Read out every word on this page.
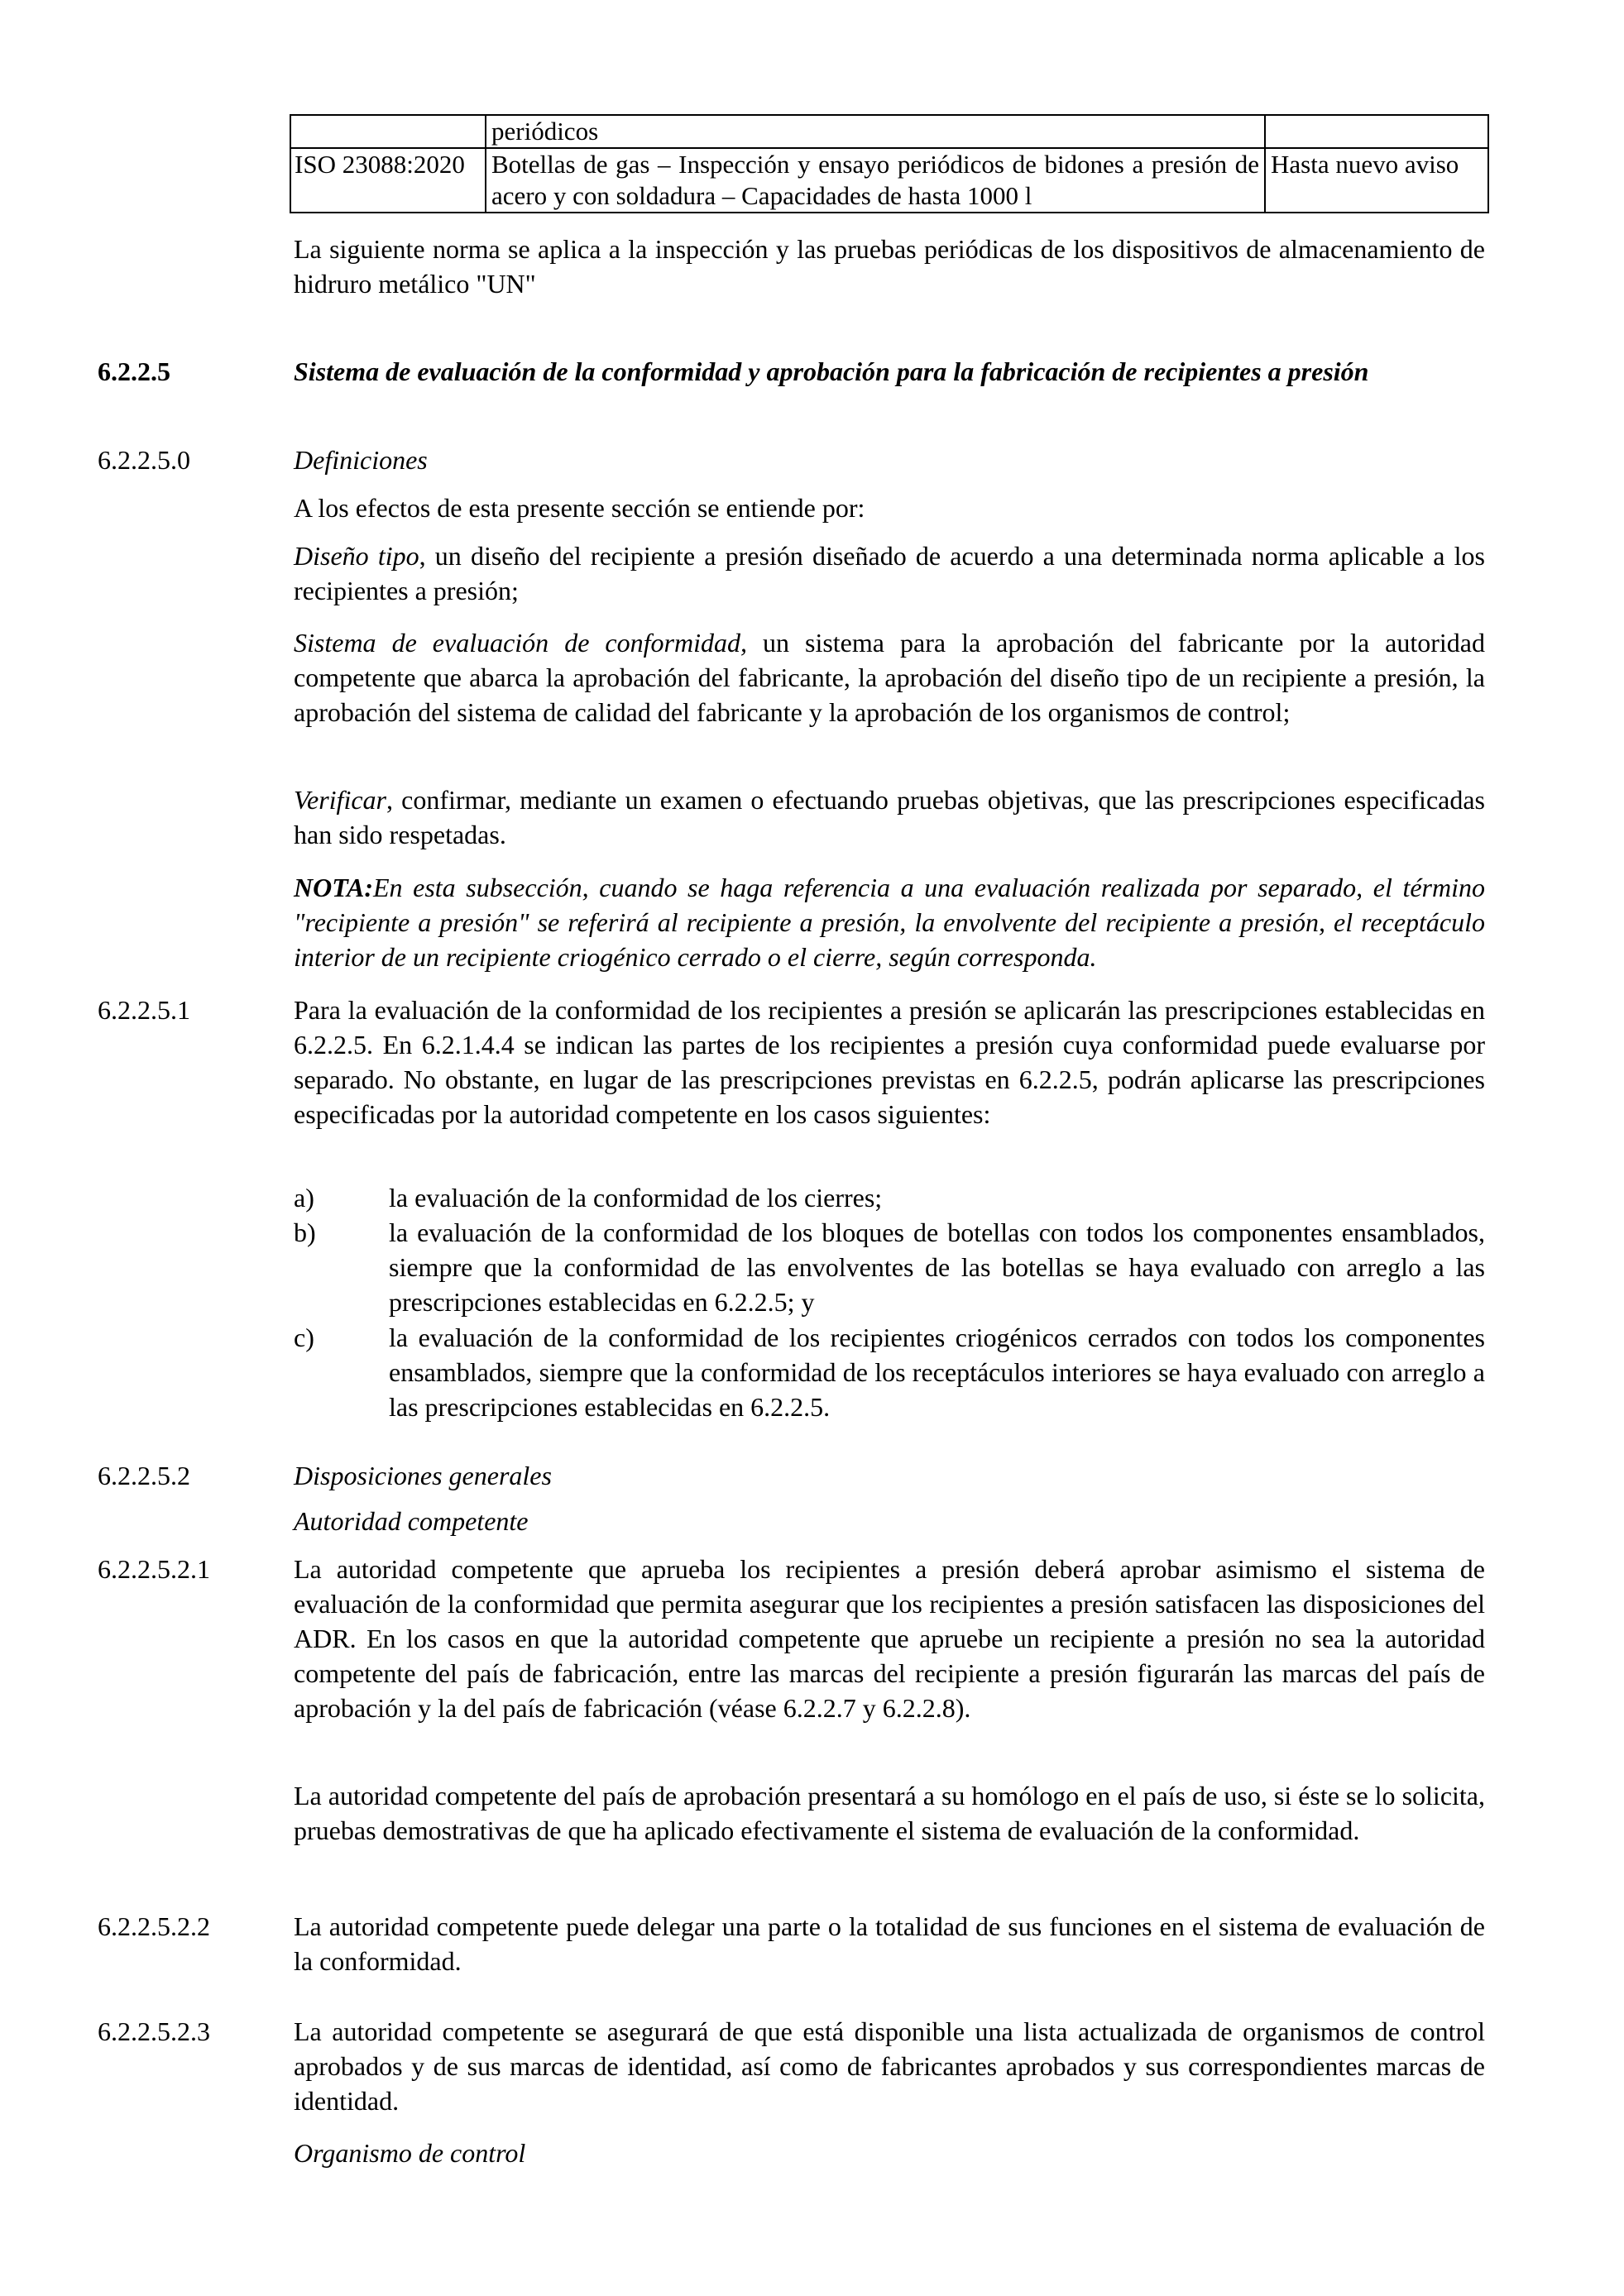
	periódicos	
ISO 23088:2020	Botellas de gas – Inspección y ensayo periódicos de bidones a presión de acero y con soldadura – Capacidades de hasta 1000 l	Hasta nuevo aviso
La siguiente norma se aplica a la inspección y las pruebas periódicas de los dispositivos de almacenamiento de hidruro metálico "UN"
6.2.2.5	Sistema de evaluación de la conformidad y aprobación para la fabricación de recipientes a presión
6.2.2.5.0	Definiciones
A los efectos de esta presente sección se entiende por:
Diseño tipo, un diseño del recipiente a presión diseñado de acuerdo a una determinada norma aplicable a los recipientes a presión;
Sistema de evaluación de conformidad, un sistema para la aprobación del fabricante por la autoridad competente que abarca la aprobación del fabricante, la aprobación del diseño tipo de un recipiente a presión, la aprobación del sistema de calidad del fabricante y la aprobación de los organismos de control;
Verificar, confirmar, mediante un examen o efectuando pruebas objetivas, que las prescripciones especificadas han sido respetadas.
NOTA:En esta subsección, cuando se haga referencia a una evaluación realizada por separado, el término "recipiente a presión" se referirá al recipiente a presión, la envolvente del recipiente a presión, el receptáculo interior de un recipiente criogénico cerrado o el cierre, según corresponda.
6.2.2.5.1	Para la evaluación de la conformidad de los recipientes a presión se aplicarán las prescripciones establecidas en 6.2.2.5. En 6.2.1.4.4 se indican las partes de los recipientes a presión cuya conformidad puede evaluarse por separado. No obstante, en lugar de las prescripciones previstas en 6.2.2.5, podrán aplicarse las prescripciones especificadas por la autoridad competente en los casos siguientes:
a)	la evaluación de la conformidad de los cierres;
b)	la evaluación de la conformidad de los bloques de botellas con todos los componentes ensamblados, siempre que la conformidad de las envolventes de las botellas se haya evaluado con arreglo a las prescripciones establecidas en 6.2.2.5; y
c)	la evaluación de la conformidad de los recipientes criogénicos cerrados con todos los componentes ensamblados, siempre que la conformidad de los receptáculos interiores se haya evaluado con arreglo a las prescripciones establecidas en 6.2.2.5.
6.2.2.5.2	Disposiciones generales
Autoridad competente
6.2.2.5.2.1	La autoridad competente que aprueba los recipientes a presión deberá aprobar asimismo el sistema de evaluación de la conformidad que permita asegurar que los recipientes a presión satisfacen las disposiciones del ADR. En los casos en que la autoridad competente que apruebe un recipiente a presión no sea la autoridad competente del país de fabricación, entre las marcas del recipiente a presión figurarán las marcas del país de aprobación y la del país de fabricación (véase 6.2.2.7 y 6.2.2.8).
La autoridad competente del país de aprobación presentará a su homólogo en el país de uso, si éste se lo solicita, pruebas demostrativas de que ha aplicado efectivamente el sistema de evaluación de la conformidad.
6.2.2.5.2.2	La autoridad competente puede delegar una parte o la totalidad de sus funciones en el sistema de evaluación de la conformidad.
6.2.2.5.2.3	La autoridad competente se asegurará de que está disponible una lista actualizada de organismos de control aprobados y de sus marcas de identidad, así como de fabricantes aprobados y sus correspondientes marcas de identidad.
Organismo de control
